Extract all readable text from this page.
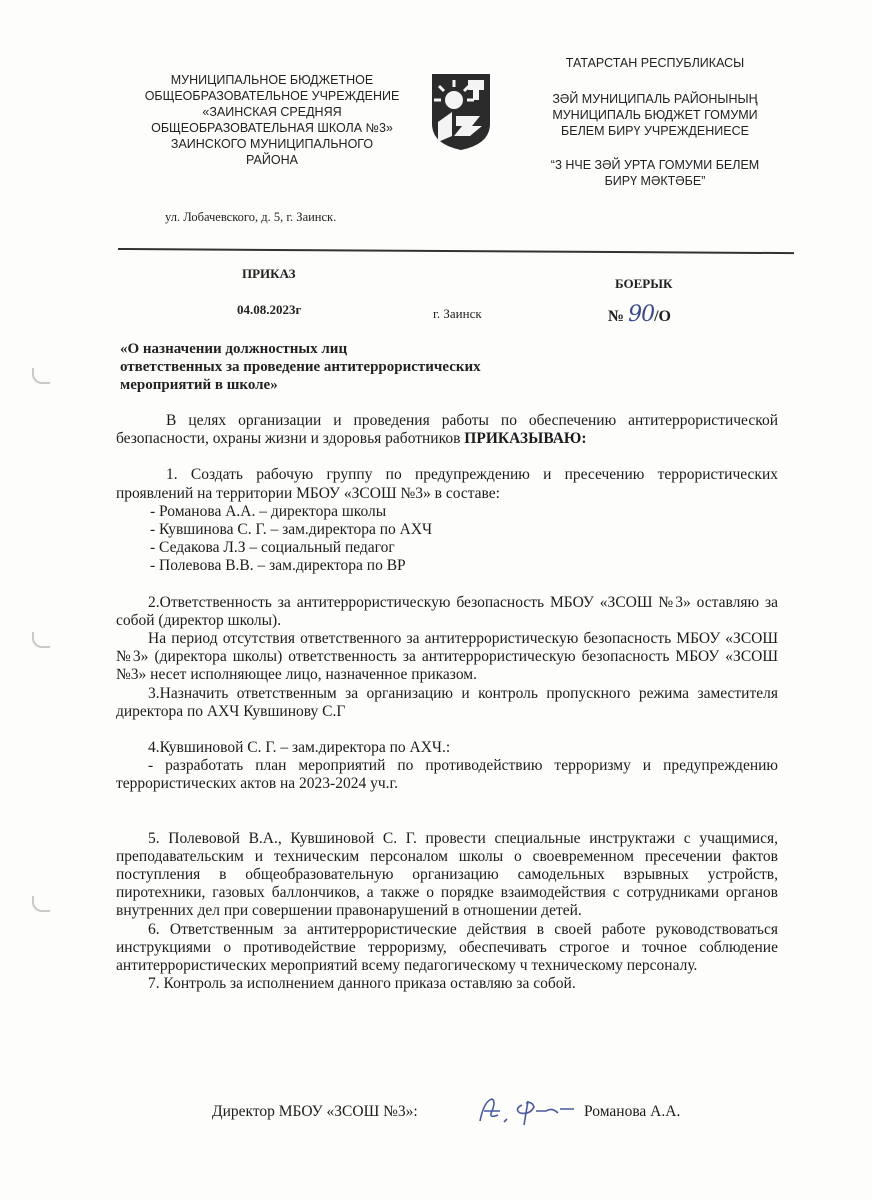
МУНИЦИПАЛЬНОЕ БЮДЖЕТНОЕ
ОБЩЕОБРАЗОВАТЕЛЬНОЕ УЧРЕЖДЕНИЕ
«ЗАИНСКАЯ СРЕДНЯЯ
ОБЩЕОБРАЗОВАТЕЛЬНАЯ ШКОЛА №3»
ЗАИНСКОГО МУНИЦИПАЛЬНОГО
РАЙОНА
ТАТАРСТАН РЕСПУБЛИКАСЫ
ЗӘЙ МУНИЦИПАЛЬ РАЙОНЫНЫҢ
МУНИЦИПАЛЬ БЮДЖЕТ ГОМУМИ
БЕЛЕМ БИРҮ УЧРЕЖДЕНИЕСЕ
“3 НЧЕ ЗӘЙ УРТА ГОМУМИ БЕЛЕМ
БИРҮ МӘКТӘБЕ”
ул. Лобачевского, д. 5, г. Заинск.
ПРИКАЗ
БОЕРЫК
04.08.2023г	г. Заинск	№ 90/О
«О назначении должностных лиц
ответственных за проведение антитеррористических
мероприятий в школе»

В целях организации и проведения работы по обеспечению антитеррористической безопасности, охраны жизни и здоровья работников ПРИКАЗЫВАЮ:

1. Создать рабочую группу по предупреждению и пресечению террористических проявлений на территории МБОУ «ЗСОШ №3» в составе:

- Романова А.А. – директора школы

- Кувшинова С. Г. – зам.директора по АХЧ

- Седакова Л.З – социальный педагог

- Полевова В.В. – зам.директора по ВР

2.Ответственность за антитеррористическую безопасность МБОУ «ЗСОШ №3» оставляю за собой (директор школы).

На период отсутствия ответственного за антитеррористическую безопасность МБОУ «ЗСОШ №3» (директора школы) ответственность за антитеррористическую безопасность МБОУ «ЗСОШ №3» несет исполняющее лицо, назначенное приказом.

3.Назначить ответственным за организацию и контроль пропускного режима заместителя директора по АХЧ Кувшинову С.Г

4.Кувшиновой С. Г. – зам.директора по АХЧ.:

- разработать план мероприятий по противодействию терроризму и предупреждению террористических актов на 2023-2024 уч.г.

5. Полевовой В.А., Кувшиновой С. Г. провести специальные инструктажи с учащимися, преподавательским и техническим персоналом школы о своевременном пресечении фактов поступления в общеобразовательную организацию самодельных взрывных устройств, пиротехники, газовых баллончиков, а также о порядке взаимодействия с сотрудниками органов внутренних дел при совершении правонарушений в отношении детей.

6. Ответственным за антитеррористические действия в своей работе руководствоваться инструкциями о противодействие терроризму, обеспечивать строгое и точное соблюдение антитеррористических мероприятий всему педагогическому ч техническому персоналу.

7. Контроль за исполнением данного приказа оставляю за собой.

Директор МБОУ «ЗСОШ №3»:	Романова А.А.
